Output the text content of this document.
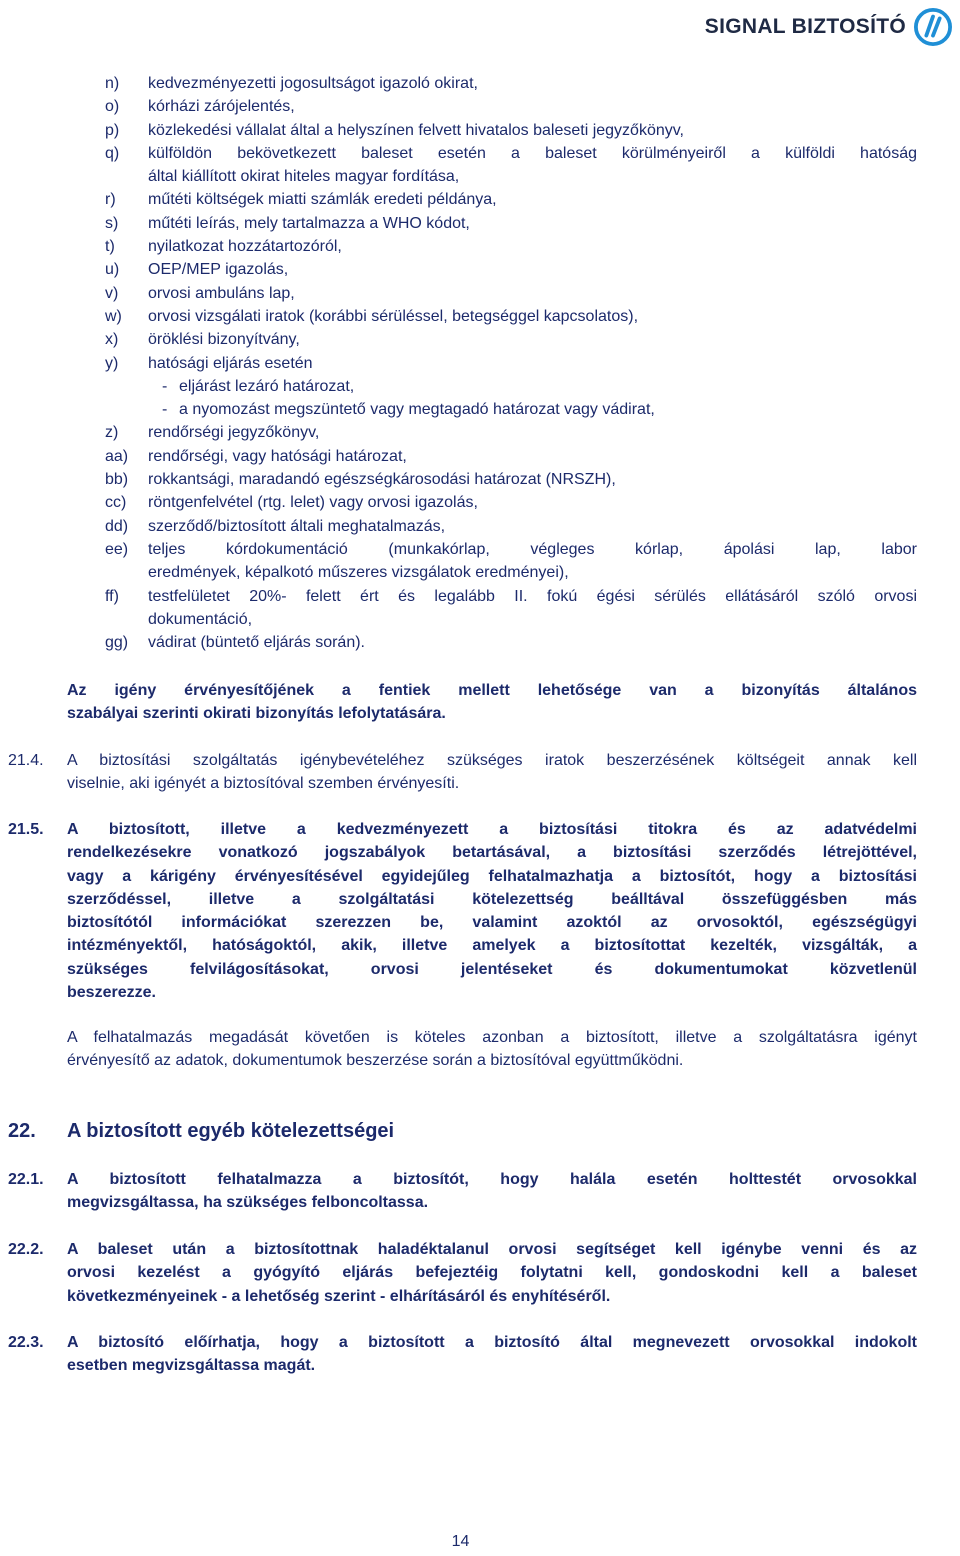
SIGNAL BIZTOSÍTÓ
n)	kedvezményezetti jogosultságot igazoló okirat,
o)	kórházi zárójelentés,
p)	közlekedési vállalat által a helyszínen felvett hivatalos baleseti jegyzőkönyv,
q)	külföldön bekövetkezett baleset esetén a baleset körülményeiről a külföldi hatóság
által kiállított okirat hiteles magyar fordítása,
r)	műtéti költségek miatti számlák eredeti példánya,
s)	műtéti leírás, mely tartalmazza a WHO kódot,
t)	nyilatkozat hozzátartozóról,
u)	OEP/MEP igazolás,
v)	orvosi ambuláns lap,
w)	orvosi vizsgálati iratok (korábbi sérüléssel, betegséggel kapcsolatos),
x)	öröklési bizonyítvány,
y)	hatósági eljárás esetén
- eljárást lezáró határozat,
- a nyomozást megszüntető vagy megtagadó határozat vagy vádirat,
z)	rendőrségi jegyzőkönyv,
aa)	rendőrségi, vagy hatósági határozat,
bb)	rokkantsági, maradandó egészségkárosodási határozat (NRSZH),
cc)	röntgenfelvétel (rtg. lelet) vagy orvosi igazolás,
dd)	szerződő/biztosított általi meghatalmazás,
ee)	teljes kórdokumentáció (munkakórlap, végleges kórlap, ápolási lap, labor
eredmények, képalkotó műszeres vizsgálatok eredményei),
ff)	testfelületet 20%- felett ért és legalább II. fokú égési sérülés ellátásáról szóló orvosi
dokumentáció,
gg)	vádirat (büntető eljárás során).
Az igény érvényesítőjének a fentiek mellett lehetősége van a bizonyítás általános
szabályai szerinti okirati bizonyítás lefolytatására.
21.4.	A biztosítási szolgáltatás igénybevételéhez szükséges iratok beszerzésének költségeit annak kell
viselnie, aki igényét a biztosítóval szemben érvényesíti.
21.5.	A biztosított, illetve a kedvezményezett a biztosítási titokra és az adatvédelmi
rendelkezésekre vonatkozó jogszabályok betartásával, a biztosítási szerződés létrejöttével,
vagy a kárigény érvényesítésével egyidejűleg felhatalmazhatja a biztosítót, hogy a biztosítási
szerződéssel, illetve a szolgáltatási kötelezettség beálltával összefüggésben más
biztosítótól információkat szerezzen be, valamint azoktól az orvosoktól, egészségügyi
intézményektől, hatóságoktól, akik, illetve amelyek a biztosítottat kezelték, vizsgálták, a
szükséges felvilágosításokat, orvosi jelentéseket és dokumentumokat közvetlenül
beszerezze.
A felhatalmazás megadását követően is köteles azonban a biztosított, illetve a szolgáltatásra igényt
érvényesítő az adatok, dokumentumok beszerzése során a biztosítóval együttműködni.
22.	A biztosított egyéb kötelezettségei
22.1.	A biztosított felhatalmazza a biztosítót, hogy halála esetén holttestét orvosokkal
megvizsgáltassa, ha szükséges felboncoltassa.
22.2.	A baleset után a biztosítottnak haladéktalanul orvosi segítséget kell igénybe venni és az
orvosi kezelést a gyógyító eljárás befejeztéig folytatni kell, gondoskodni kell a baleset
következményeinek - a lehetőség szerint - elhárításáról és enyhítéséről.
22.3.	A biztosító előírhatja, hogy a biztosított a biztosító által megnevezett orvosokkal indokolt
esetben megvizsgáltassa magát.
14
